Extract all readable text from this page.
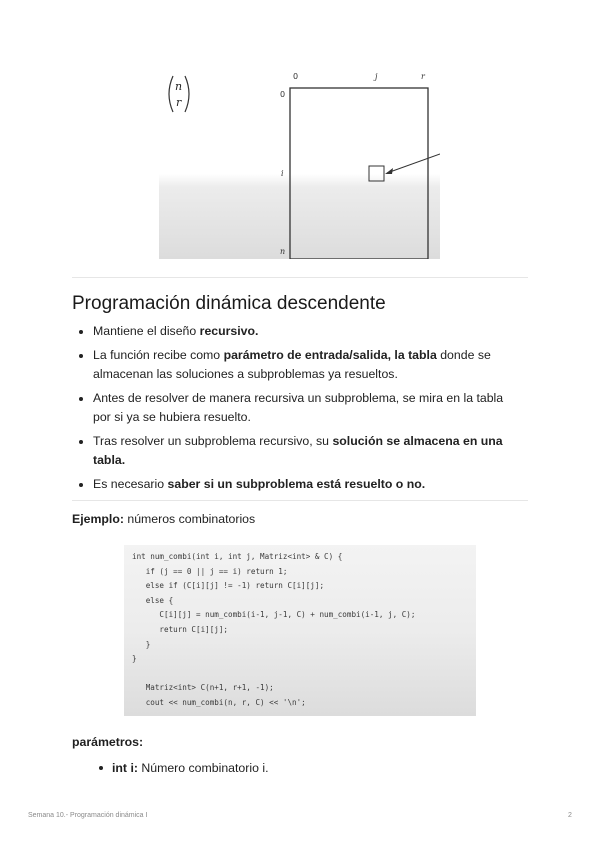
n
r
0	j	r
0
i
n
Programación dinámica descendente
Mantiene el diseño recursivo.
La función recibe como parámetro de entrada/salida, la tabla donde se almacenan las soluciones a subproblemas ya resueltos.
Antes de resolver de manera recursiva un subproblema, se mira en la tabla por si ya se hubiera resuelto.
Tras resolver un subproblema recursivo, su solución se almacena en una tabla.
Es necesario saber si un subproblema está resuelto o no.
Ejemplo: números combinatorios
int num_combi(int i, int j, Matriz<int> & C) {
if (j == 0 || j == i) return 1;
else if (C[i][j] != -1) return C[i][j];
else {
C[i][j] = num_combi(i-1, j-1, C) + num_combi(i-1, j, C);
return C[i][j];
}
}
Matriz<int> C(n+1, r+1, -1);
cout << num_combi(n, r, C) << '\n';
parámetros:
int i: Número combinatorio i.
Semana 10.- Programación dinámica I	2
